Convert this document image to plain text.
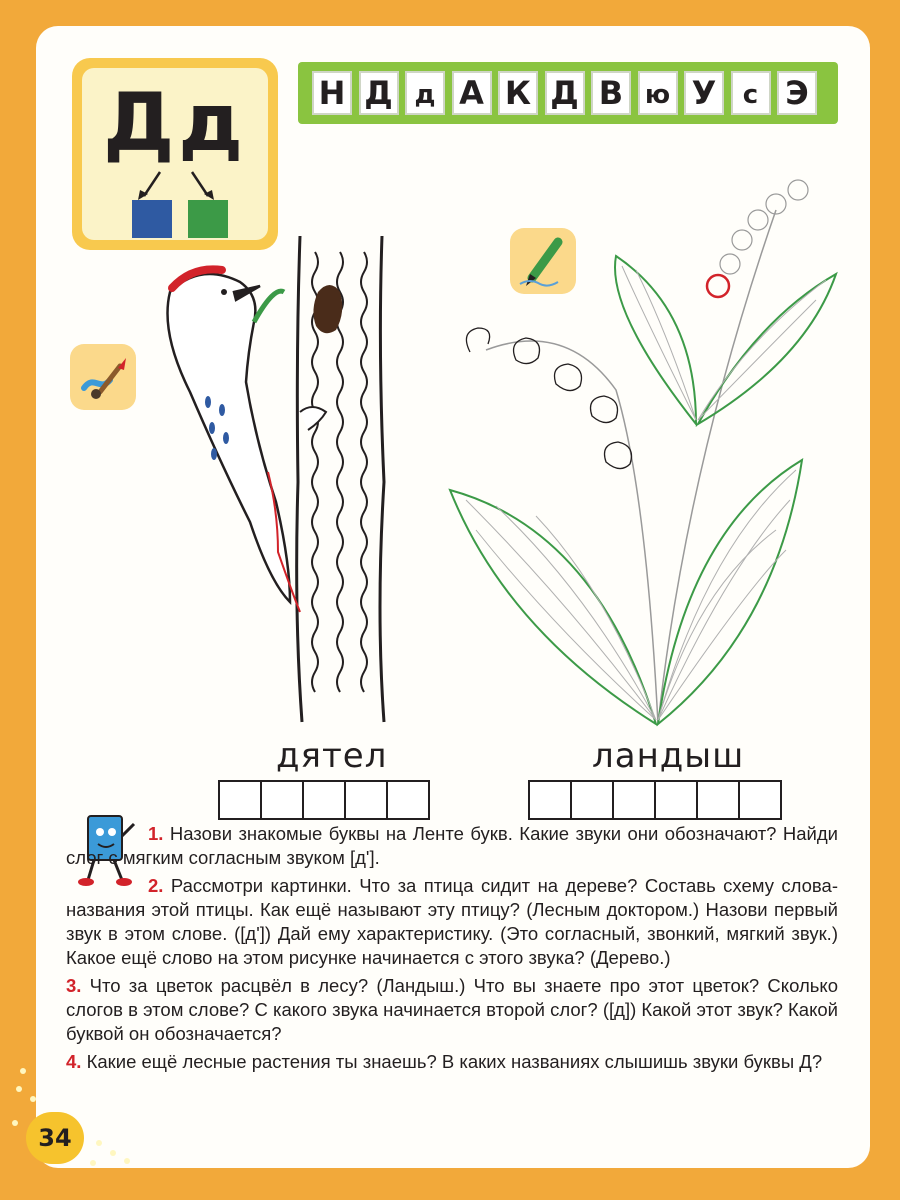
Дд	Н Д д А К Д В ю У	с Э
дятел	ландыш

1. Назови знакомые буквы на Ленте букв. Какие звуки они обозначают? Найди слог с мягким согласным звуком [д'].

2. Рассмотри картинки. Что за птица сидит на дереве? Составь схему слова-названия этой птицы. Как ещё называют эту птицу? (Лесным доктором.) Назови первый звук в этом слове. ([д']) Дай ему характеристику. (Это согласный, звонкий, мягкий звук.) Какое ещё слово на этом рисунке начинается с этого звука? (Дерево.)

3. Что за цветок расцвёл в лесу? (Ландыш.) Что вы знаете про этот цветок? Сколько слогов в этом слове? С какого звука начинается второй слог? ([д]) Какой этот звук? Какой буквой он обозначается?

4. Какие ещё лесные растения ты знаешь? В каких названиях слышишь звуки буквы Д?

34
